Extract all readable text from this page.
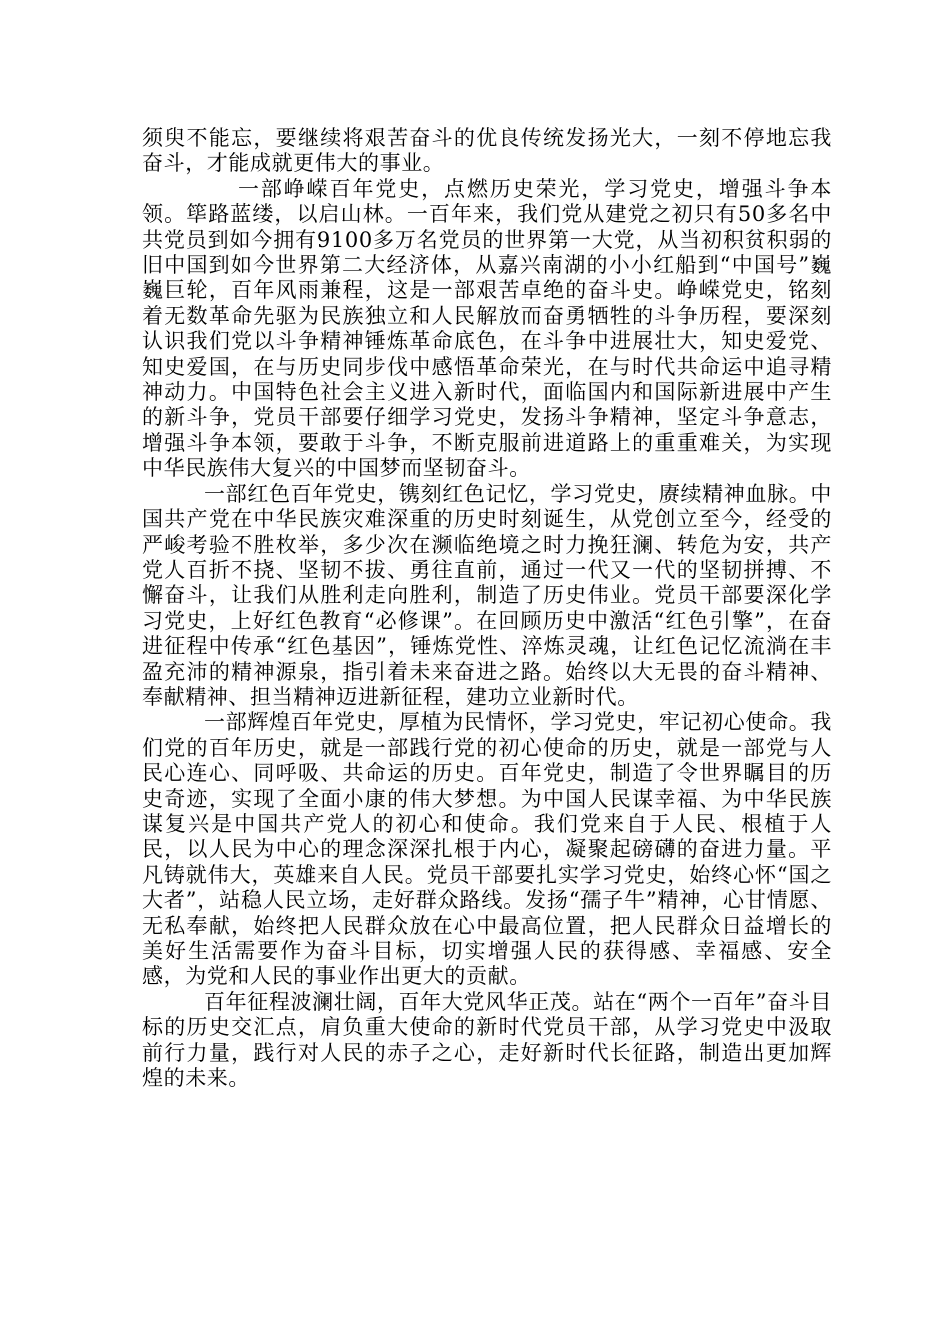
须臾不能忘，要继续将艰苦奋斗的优良传统发扬光大，一刻不停地忘我奋斗，才能成就更伟大的事业。

一部峥嵘百年党史，点燃历史荣光，学习党史，增强斗争本领。筚路蓝缕，以启山林。一百年来，我们党从建党之初只有50多名中共党员到如今拥有9100多万名党员的世界第一大党，从当初积贫积弱的旧中国到如今世界第二大经济体，从嘉兴南湖的小小红船到“中国号”巍巍巨轮，百年风雨兼程，这是一部艰苦卓绝的奋斗史。峥嵘党史，铭刻着无数革命先驱为民族独立和人民解放而奋勇牺牲的斗争历程，要深刻认识我们党以斗争精神锤炼革命底色，在斗争中进展壮大，知史爱党、知史爱国，在与历史同步伐中感悟革命荣光，在与时代共命运中追寻精神动力。中国特色社会主义进入新时代，面临国内和国际新进展中产生的新斗争，党员干部要仔细学习党史，发扬斗争精神，坚定斗争意志，增强斗争本领，要敢于斗争，不断克服前进道路上的重重难关，为实现中华民族伟大复兴的中国梦而坚韧奋斗。

一部红色百年党史，镌刻红色记忆，学习党史，赓续精神血脉。中国共产党在中华民族灾难深重的历史时刻诞生，从党创立至今，经受的严峻考验不胜枚举，多少次在濒临绝境之时力挽狂澜、转危为安，共产党人百折不挠、坚韧不拔、勇往直前，通过一代又一代的坚韧拼搏、不懈奋斗，让我们从胜利走向胜利，制造了历史伟业。党员干部要深化学习党史，上好红色教育“必修课”。在回顾历史中激活“红色引擎”，在奋进征程中传承“红色基因”，锤炼党性、淬炼灵魂，让红色记忆流淌在丰盈充沛的精神源泉，指引着未来奋进之路。始终以大无畏的奋斗精神、奉献精神、担当精神迈进新征程，建功立业新时代。

一部辉煌百年党史，厚植为民情怀，学习党史，牢记初心使命。我们党的百年历史，就是一部践行党的初心使命的历史，就是一部党与人民心连心、同呼吸、共命运的历史。百年党史，制造了令世界瞩目的历史奇迹，实现了全面小康的伟大梦想。为中国人民谋幸福、为中华民族谋复兴是中国共产党人的初心和使命。我们党来自于人民、根植于人民，以人民为中心的理念深深扎根于内心，凝聚起磅礴的奋进力量。平凡铸就伟大，英雄来自人民。党员干部要扎实学习党史，始终心怀“国之大者”，站稳人民立场，走好群众路线。发扬“孺子牛”精神，心甘情愿、无私奉献，始终把人民群众放在心中最高位置，把人民群众日益增长的美好生活需要作为奋斗目标，切实增强人民的获得感、幸福感、安全感，为党和人民的事业作出更大的贡献。

百年征程波澜壮阔，百年大党风华正茂。站在“两个一百年”奋斗目标的历史交汇点，肩负重大使命的新时代党员干部，从学习党史中汲取前行力量，践行对人民的赤子之心，走好新时代长征路，制造出更加辉煌的未来。
